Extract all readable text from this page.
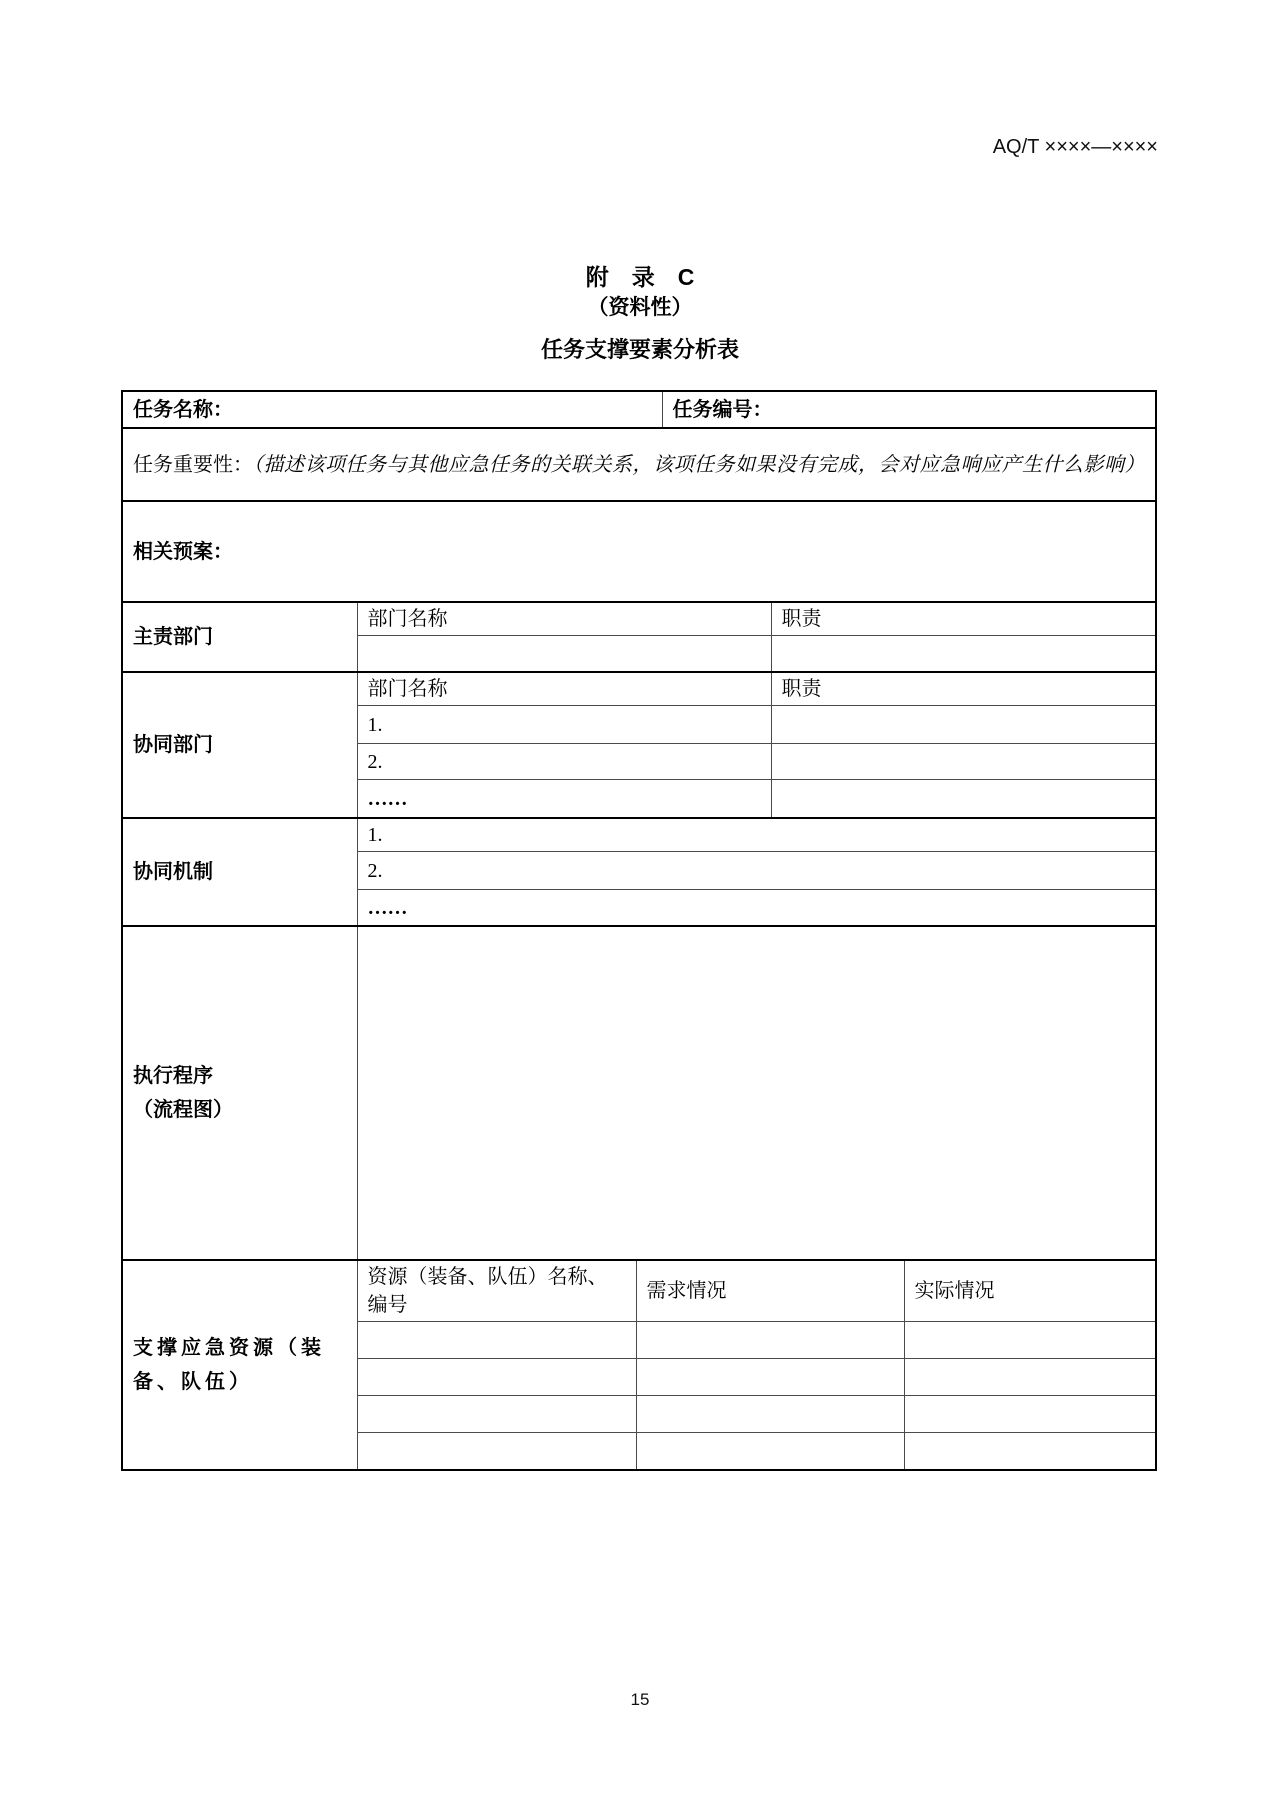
AQ/T ××××—××××
附　录　C
（资料性）
任务支撑要素分析表
任务名称：			任务编号：		
任务重要性：（描述该项任务与其他应急任务的关联关系，该项任务如果没有完成，会对应急响应产生什么影响）					
相关预案：					
主责部门	部门名称			职责	

协同部门	部门名称			职责	
	1.				
	2.				
	……				
协同机制	1.				
	2.				
	……				
执行程序（流程图）					
支撑应急资源（装备、队伍）	资源（装备、队伍）名称、编号	需求情况			实际情况

15
